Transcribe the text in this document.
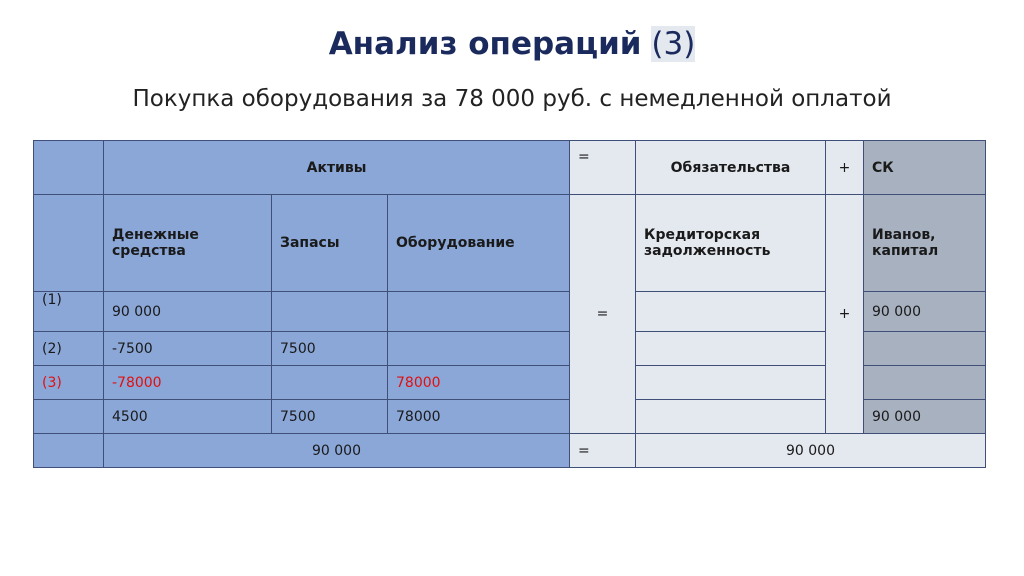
Анализ операций (3)
Покупка оборудования за 78 000 руб. с немедленной оплатой
	Активы			=	Обязательства	+	СК
	Денежные средства	Запасы	Оборудование	=	Кредиторская задолженность	+	Иванов, капитал
(1)	90 000						90 000
(2)	-7500	7500					
(3)	-78000		78000				
	4500	7500	78000				90 000
	90 000			=	90 000		
